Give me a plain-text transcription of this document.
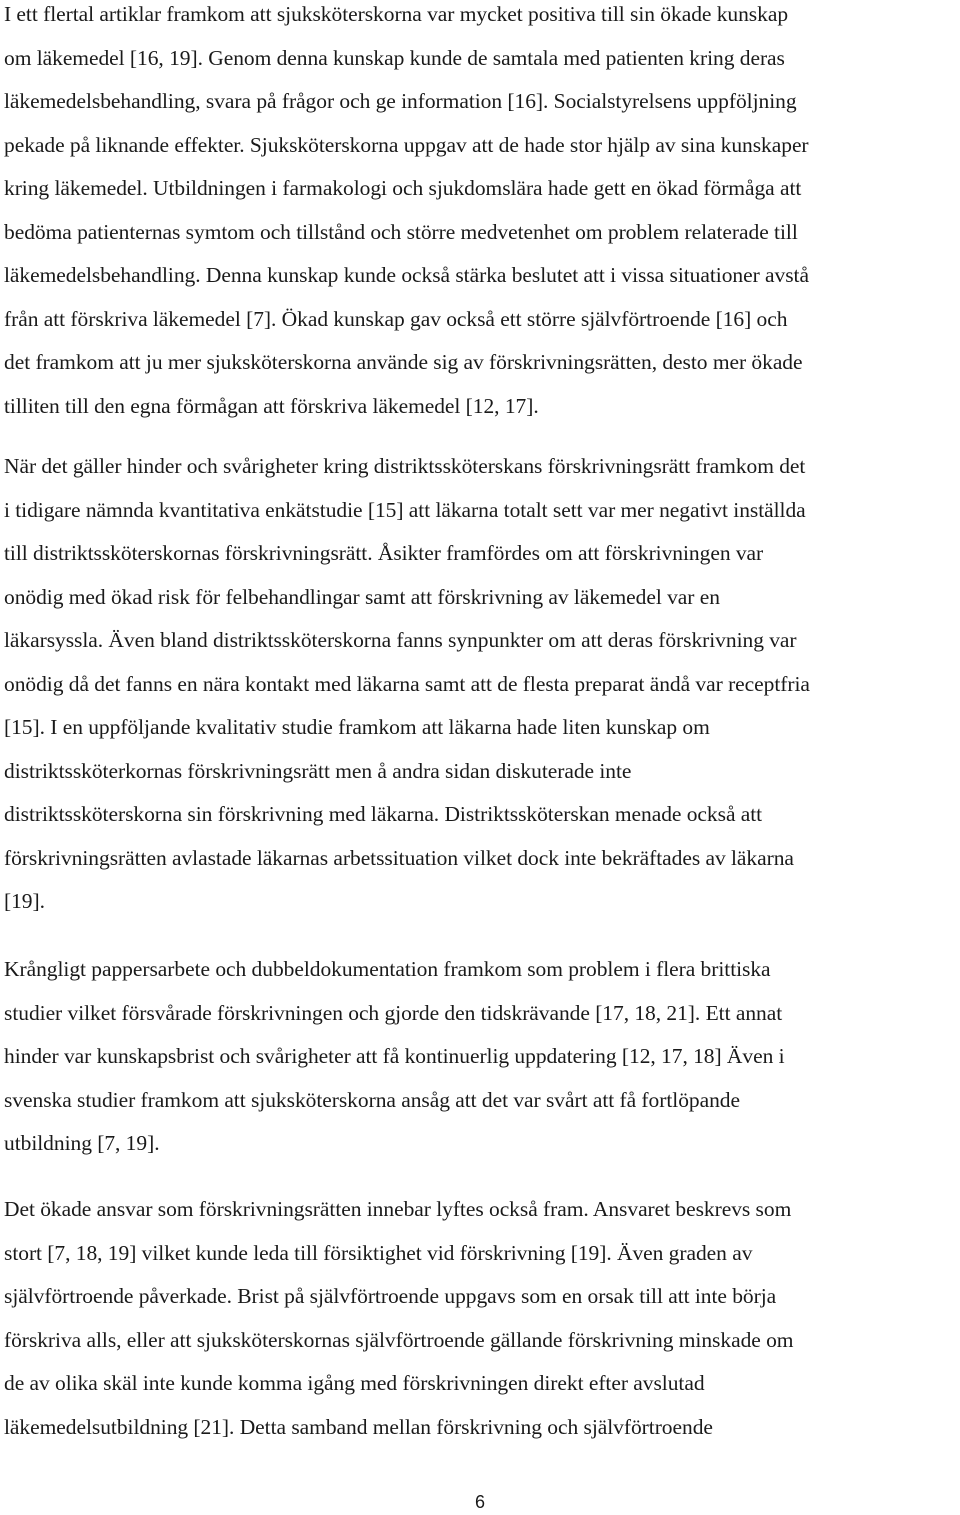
I ett flertal artiklar framkom att sjuksköterskorna var mycket positiva till sin ökade kunskap
om läkemedel [16, 19]. Genom denna kunskap kunde de samtala med patienten kring deras
läkemedelsbehandling, svara på frågor och ge information [16]. Socialstyrelsens uppföljning
pekade på liknande effekter. Sjuksköterskorna uppgav att de hade stor hjälp av sina kunskaper
kring läkemedel. Utbildningen i farmakologi och sjukdomslära hade gett en ökad förmåga att
bedöma patienternas symtom och tillstånd och större medvetenhet om problem relaterade till
läkemedelsbehandling. Denna kunskap kunde också stärka beslutet att i vissa situationer avstå
från att förskriva läkemedel [7]. Ökad kunskap gav också ett större självförtroende [16] och
det framkom att ju mer sjuksköterskorna använde sig av förskrivningsrätten, desto mer ökade
tilliten till den egna förmågan att förskriva läkemedel [12, 17].
När det gäller hinder och svårigheter kring distriktssköterskans förskrivningsrätt framkom det
i tidigare nämnda kvantitativa enkätstudie [15] att läkarna totalt sett var mer negativt inställda
till distriktssköterskornas förskrivningsrätt. Åsikter framfördes om att förskrivningen var
onödig med ökad risk för felbehandlingar samt att förskrivning av läkemedel var en
läkarsyssla. Även bland distriktssköterskorna fanns synpunkter om att deras förskrivning var
onödig då det fanns en nära kontakt med läkarna samt att de flesta preparat ändå var receptfria
[15]. I en uppföljande kvalitativ studie framkom att läkarna hade liten kunskap om
distriktssköterkornas förskrivningsrätt men å andra sidan diskuterade inte
distriktssköterskorna sin förskrivning med läkarna. Distriktssköterskan menade också att
förskrivningsrätten avlastade läkarnas arbetssituation vilket dock inte bekräftades av läkarna
[19].
Krångligt pappersarbete och dubbeldokumentation framkom som problem i flera brittiska
studier vilket försvårade förskrivningen och gjorde den tidskrävande [17, 18, 21]. Ett annat
hinder var kunskapsbrist och svårigheter att få kontinuerlig uppdatering [12, 17, 18] Även i
svenska studier framkom att sjuksköterskorna ansåg att det var svårt att få fortlöpande
utbildning [7, 19].
Det ökade ansvar som förskrivningsrätten innebar lyftes också fram. Ansvaret beskrevs som
stort [7, 18, 19] vilket kunde leda till försiktighet vid förskrivning [19]. Även graden av
självförtroende påverkade. Brist på självförtroende uppgavs som en orsak till att inte börja
förskriva alls, eller att sjuksköterskornas självförtroende gällande förskrivning minskade om
de av olika skäl inte kunde komma igång med förskrivningen direkt efter avslutad
läkemedelsutbildning [21]. Detta samband mellan förskrivning och självförtroende
6
